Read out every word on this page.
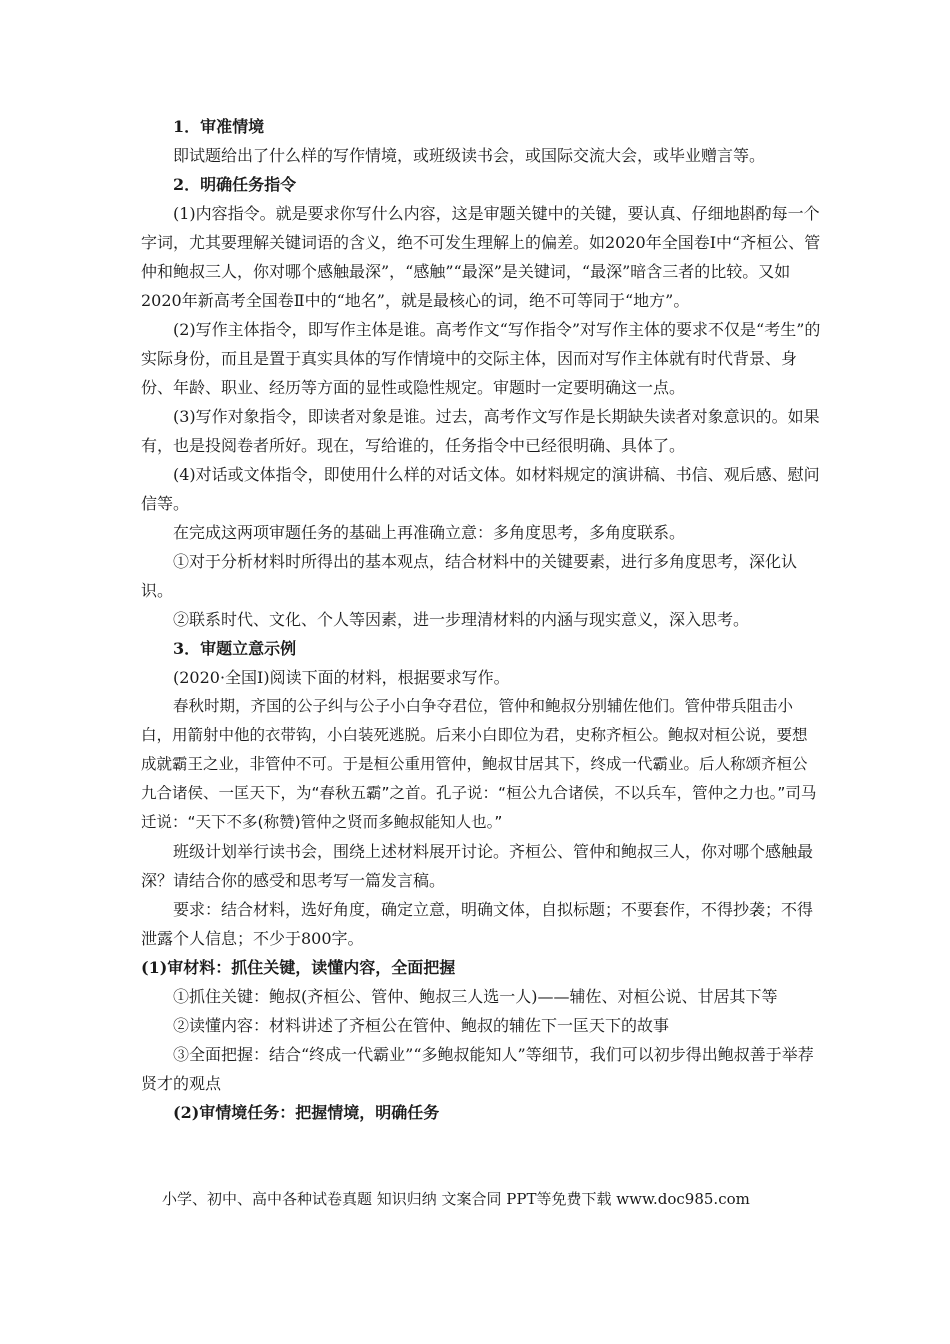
1．审准情境

即试题给出了什么样的写作情境，或班级读书会，或国际交流大会，或毕业赠言等。

2．明确任务指令

(1)内容指令。就是要求你写什么内容，这是审题关键中的关键，要认真、仔细地斟酌每一个字词，尤其要理解关键词语的含义，绝不可发生理解上的偏差。如2020年全国卷Ⅰ中“齐桓公、管仲和鲍叔三人，你对哪个感触最深”，“感触”“最深”是关键词，“最深”暗含三者的比较。又如2020年新高考全国卷Ⅱ中的“地名”，就是最核心的词，绝不可等同于“地方”。

(2)写作主体指令，即写作主体是谁。高考作文“写作指令”对写作主体的要求不仅是“考生”的实际身份，而且是置于真实具体的写作情境中的交际主体，因而对写作主体就有时代背景、身份、年龄、职业、经历等方面的显性或隐性规定。审题时一定要明确这一点。

(3)写作对象指令，即读者对象是谁。过去，高考作文写作是长期缺失读者对象意识的。如果有，也是投阅卷者所好。现在，写给谁的，任务指令中已经很明确、具体了。

(4)对话或文体指令，即使用什么样的对话文体。如材料规定的演讲稿、书信、观后感、慰问信等。

在完成这两项审题任务的基础上再准确立意：多角度思考，多角度联系。

①对于分析材料时所得出的基本观点，结合材料中的关键要素，进行多角度思考，深化认识。

②联系时代、文化、个人等因素，进一步理清材料的内涵与现实意义，深入思考。

3．审题立意示例

(2020·全国Ⅰ)阅读下面的材料，根据要求写作。

春秋时期，齐国的公子纠与公子小白争夺君位，管仲和鲍叔分别辅佐他们。管仲带兵阻击小白，用箭射中他的衣带钩，小白装死逃脱。后来小白即位为君，史称齐桓公。鲍叔对桓公说，要想成就霸王之业，非管仲不可。于是桓公重用管仲，鲍叔甘居其下，终成一代霸业。后人称颂齐桓公九合诸侯、一匡天下，为“春秋五霸”之首。孔子说：“桓公九合诸侯，不以兵车，管仲之力也。”司马迁说：“天下不多(称赞)管仲之贤而多鲍叔能知人也。”

班级计划举行读书会，围绕上述材料展开讨论。齐桓公、管仲和鲍叔三人，你对哪个感触最深？请结合你的感受和思考写一篇发言稿。

要求：结合材料，选好角度，确定立意，明确文体，自拟标题；不要套作，不得抄袭；不得泄露个人信息；不少于800字。

(1)审材料：抓住关键，读懂内容，全面把握

①抓住关键：鲍叔(齐桓公、管仲、鲍叔三人选一人)——辅佐、对桓公说、甘居其下等

②读懂内容：材料讲述了齐桓公在管仲、鲍叔的辅佐下一匡天下的故事

③全面把握：结合“终成一代霸业”“多鲍叔能知人”等细节，我们可以初步得出鲍叔善于举荐贤才的观点

(2)审情境任务：把握情境，明确任务

小学、初中、高中各种试卷真题 知识归纳 文案合同 PPT等免费下载 www.doc985.com
